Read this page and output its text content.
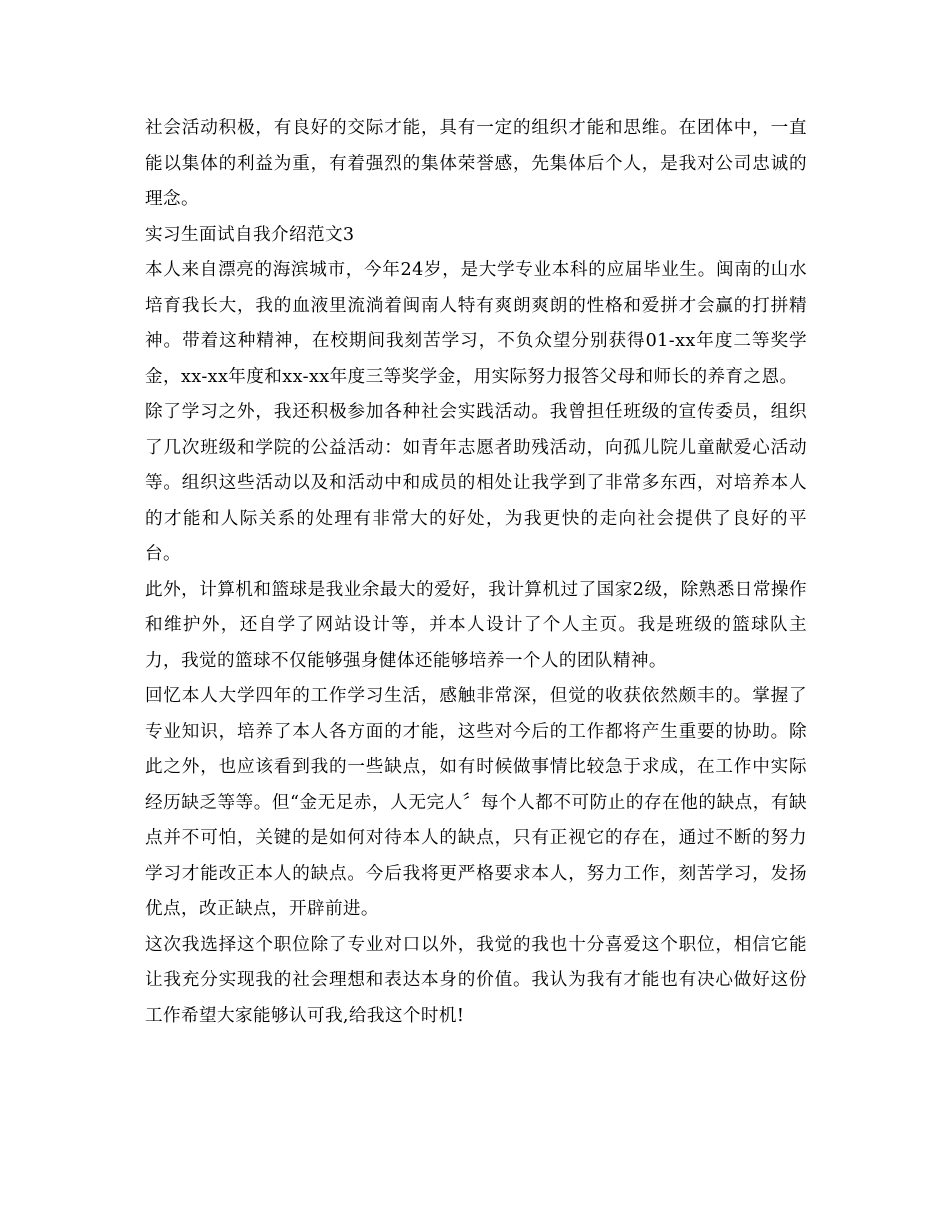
社会活动积极，有良好的交际才能，具有一定的组织才能和思维。在团体中，一直能以集体的利益为重，有着强烈的集体荣誉感，先集体后个人，是我对公司忠诚的理念。

实习生面试自我介绍范文3

本人来自漂亮的海滨城市，今年24岁，是大学专业本科的应届毕业生。闽南的山水培育我长大，我的血液里流淌着闽南人特有爽朗爽朗的性格和爱拼才会赢的打拼精神。带着这种精神，在校期间我刻苦学习，不负众望分别获得01-xx年度二等奖学金，xx-xx年度和xx-xx年度三等奖学金，用实际努力报答父母和师长的养育之恩。

除了学习之外，我还积极参加各种社会实践活动。我曾担任班级的宣传委员，组织了几次班级和学院的公益活动：如青年志愿者助残活动，向孤儿院儿童献爱心活动等。组织这些活动以及和活动中和成员的相处让我学到了非常多东西，对培养本人的才能和人际关系的处理有非常大的好处，为我更快的走向社会提供了良好的平台。

此外，计算机和篮球是我业余最大的爱好，我计算机过了国家2级，除熟悉日常操作和维护外，还自学了网站设计等，并本人设计了个人主页。我是班级的篮球队主力，我觉的篮球不仅能够强身健体还能够培养一个人的团队精神。

回忆本人大学四年的工作学习生活，感触非常深，但觉的收获依然颇丰的。掌握了专业知识，培养了本人各方面的才能，这些对今后的工作都将产生重要的协助。除此之外，也应该看到我的一些缺点，如有时候做事情比较急于求成，在工作中实际经历缺乏等等。但“金无足赤，人无完人〞每个人都不可防止的存在他的缺点，有缺点并不可怕，关键的是如何对待本人的缺点，只有正视它的存在，通过不断的努力学习才能改正本人的缺点。今后我将更严格要求本人，努力工作，刻苦学习，发扬优点，改正缺点，开辟前进。

这次我选择这个职位除了专业对口以外，我觉的我也十分喜爱这个职位，相信它能让我充分实现我的社会理想和表达本身的价值。我认为我有才能也有决心做好这份工作希望大家能够认可我,给我这个时机!
